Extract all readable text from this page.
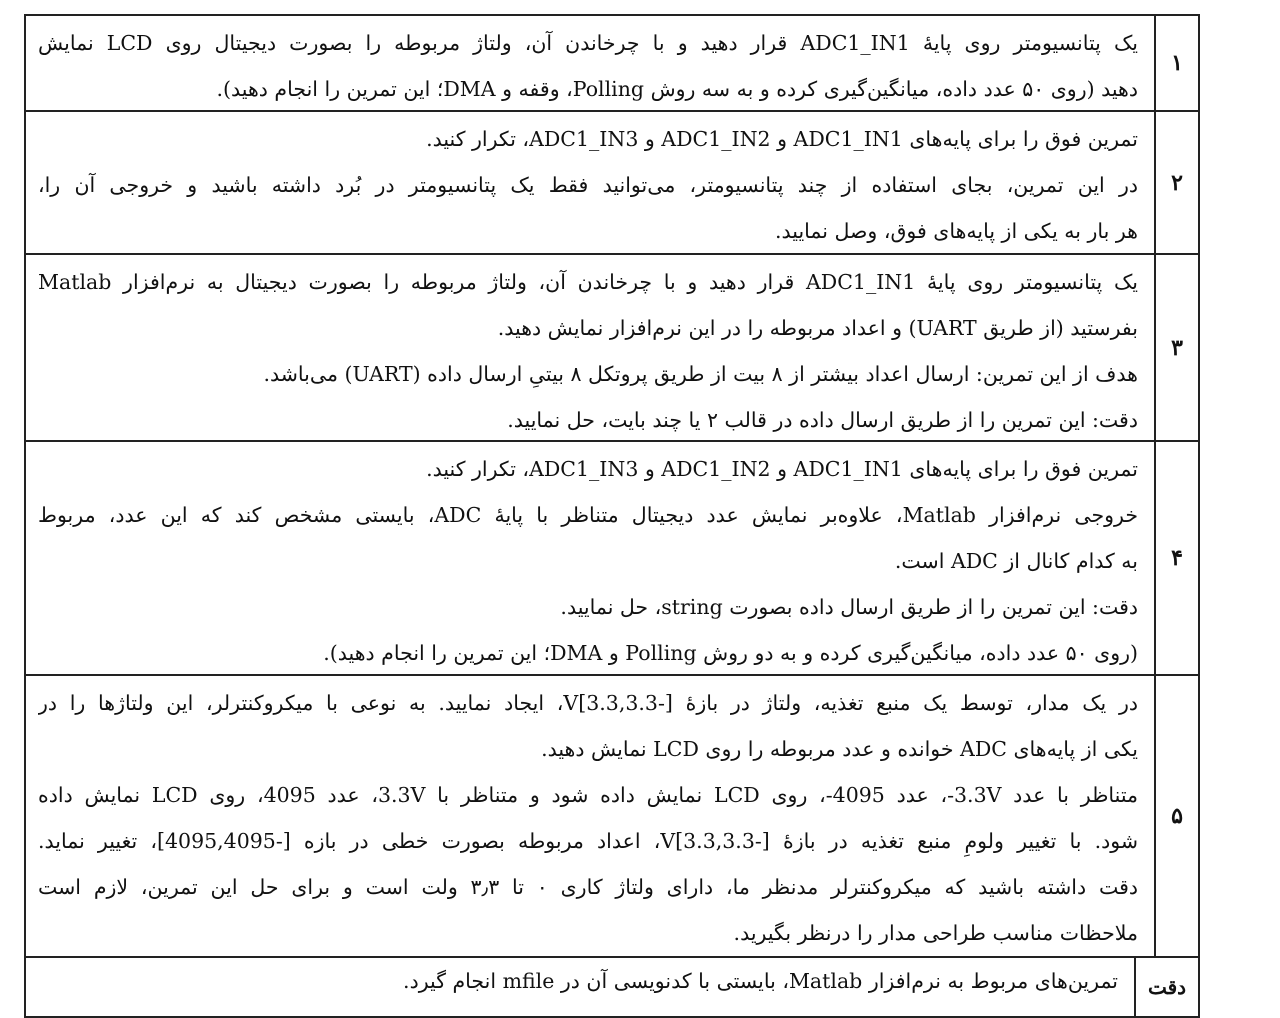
۱
یک پتانسیومتر روی پایهٔ ADC1_IN1 قرار دهید و با چرخاندن آن، ولتاژ مربوطه را بصورت دیجیتال روی LCD نمایش
دهید (روی ۵۰ عدد داده، میانگین‌گیری کرده و به سه روش Polling، وقفه و DMA؛ این تمرین را انجام دهید).
۲
تمرین فوق را برای پایه‌های ADC1_IN1 و ADC1_IN2 و ADC1_IN3، تکرار کنید.
در این تمرین، بجای استفاده از چند پتانسیومتر، می‌توانید فقط یک پتانسیومتر در بُرد داشته باشید و خروجی آن را،
هر بار به یکی از پایه‌های فوق، وصل نمایید.
۳
یک پتانسیومتر روی پایهٔ ADC1_IN1 قرار دهید و با چرخاندن آن، ولتاژ مربوطه را بصورت دیجیتال به نرم‌افزار Matlab
بفرستید (از طریق UART) و اعداد مربوطه را در این نرم‌افزار نمایش دهید.
هدف از این تمرین: ارسال اعداد بیشتر از ۸ بیت از طریق پروتکل ۸ بیتیِ ارسال داده (UART) می‌باشد.
دقت: این تمرین را از طریق ارسال داده در قالب ۲ یا چند بایت، حل نمایید.
۴
تمرین فوق را برای پایه‌های ADC1_IN1 و ADC1_IN2 و ADC1_IN3، تکرار کنید.
خروجی نرم‌افزار Matlab، علاوه‌بر نمایش عدد دیجیتال متناظر با پایهٔ ADC، بایستی مشخص کند که این عدد، مربوط
به کدام کانال از ADC است.
دقت: این تمرین را از طریق ارسال داده بصورت string، حل نمایید.
(روی ۵۰ عدد داده، میانگین‌گیری کرده و به دو روش Polling و DMA؛ این تمرین را انجام دهید).
۵
در یک مدار، توسط یک منبع تغذیه، ولتاژ در بازهٔ [-3.3,3.3]V، ایجاد نمایید. به نوعی با میکروکنترلر، این ولتاژها را در
یکی از پایه‌های ADC خوانده و عدد مربوطه را روی LCD نمایش دهید.
متناظر با عدد ‎-3.3V، عدد ‎-4095، روی LCD نمایش داده شود و متناظر با 3.3V، عدد 4095، روی LCD نمایش داده
شود. با تغییر ولومِ منبع تغذیه در بازهٔ [-3.3,3.3]V، اعداد مربوطه بصورت خطی در بازه [-4095,4095]، تغییر نماید.
دقت داشته باشید که میکروکنترلر مدنظر ما، دارای ولتاژ کاری ۰ تا ۳٫۳ ولت است و برای حل این تمرین، لازم است
ملاحظات مناسب طراحی مدار را درنظر بگیرید.
دقت
تمرین‌های مربوط به نرم‌افزار Matlab، بایستی با کدنویسی آن در mfile انجام گیرد.
